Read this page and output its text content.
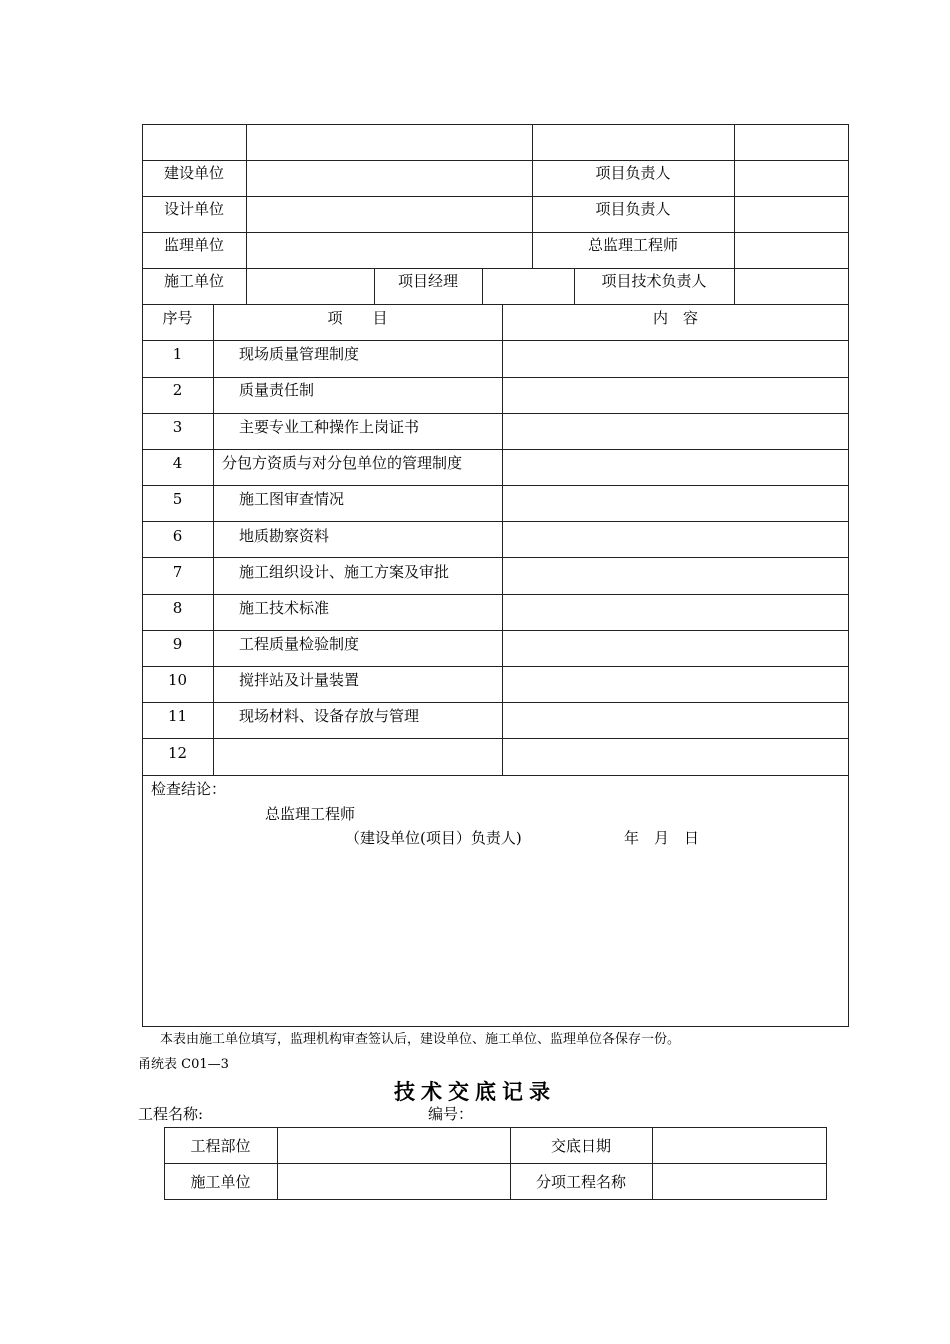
建设单位	项目负责人
设计单位	项目负责人
监理单位	总监理工程师
施工单位	项目经理	项目技术负责人
序号	项　　目	内　容
1	现场质量管理制度
2	质量责任制
3	主要专业工种操作上岗证书
4	分包方资质与对分包单位的管理制度
5	施工图审查情况
6	地质勘察资料
7	施工组织设计、施工方案及审批
8	施工技术标准
9	工程质量检验制度
10	搅拌站及计量装置
11	现场材料、设备存放与管理
12
检查结论：
总监理工程师
（建设单位(项目）负责人)	年　月　日
本表由施工单位填写，监理机构审查签认后，建设单位、施工单位、监理单位各保存一份。
甬统表 C01—3
技术交底记录
工程名称:	编号：
工程部位	交底日期
施工单位	分项工程名称
